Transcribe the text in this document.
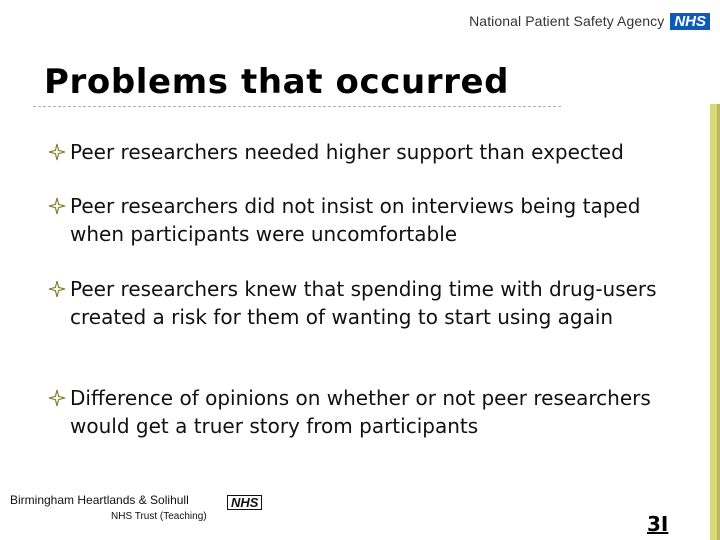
National Patient Safety Agency NHS
Problems that occurred
Peer researchers needed higher support than expected
Peer researchers did not insist on interviews being taped when participants were uncomfortable
Peer researchers knew that spending time with drug-users created a risk for them of wanting to start using again
Difference of opinions on whether or not peer researchers would get a truer story from participants
Birmingham Heartlands & Solihull
NHS Trust (Teaching)
NHS
3I
